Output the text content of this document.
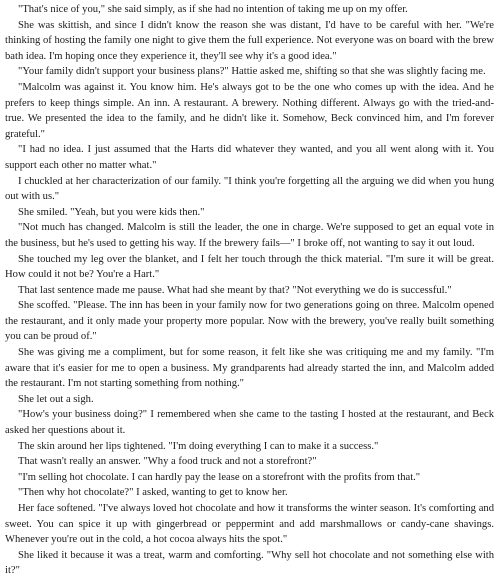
"That's nice of you," she said simply, as if she had no intention of taking me up on my offer.

She was skittish, and since I didn't know the reason she was distant, I'd have to be careful with her. "We're thinking of hosting the family one night to give them the full experience. Not everyone was on board with the brew bath idea. I'm hoping once they experience it, they'll see why it's a good idea."

"Your family didn't support your business plans?" Hattie asked me, shifting so that she was slightly facing me.

"Malcolm was against it. You know him. He's always got to be the one who comes up with the idea. And he prefers to keep things simple. An inn. A restaurant. A brewery. Nothing different. Always go with the tried-and-true. We presented the idea to the family, and he didn't like it. Somehow, Beck convinced him, and I'm forever grateful."

"I had no idea. I just assumed that the Harts did whatever they wanted, and you all went along with it. You support each other no matter what."

I chuckled at her characterization of our family. "I think you're forgetting all the arguing we did when you hung out with us."

She smiled. "Yeah, but you were kids then."

"Not much has changed. Malcolm is still the leader, the one in charge. We're supposed to get an equal vote in the business, but he's used to getting his way. If the brewery fails—" I broke off, not wanting to say it out loud.

She touched my leg over the blanket, and I felt her touch through the thick material. "I'm sure it will be great. How could it not be? You're a Hart."

That last sentence made me pause. What had she meant by that? "Not everything we do is successful."

She scoffed. "Please. The inn has been in your family now for two generations going on three. Malcolm opened the restaurant, and it only made your property more popular. Now with the brewery, you've really built something you can be proud of."

She was giving me a compliment, but for some reason, it felt like she was critiquing me and my family. "I'm aware that it's easier for me to open a business. My grandparents had already started the inn, and Malcolm added the restaurant. I'm not starting something from nothing."

She let out a sigh.

"How's your business doing?" I remembered when she came to the tasting I hosted at the restaurant, and Beck asked her questions about it.

The skin around her lips tightened. "I'm doing everything I can to make it a success."

That wasn't really an answer. "Why a food truck and not a storefront?"

"I'm selling hot chocolate. I can hardly pay the lease on a storefront with the profits from that."

"Then why hot chocolate?" I asked, wanting to get to know her.

Her face softened. "I've always loved hot chocolate and how it transforms the winter season. It's comforting and sweet. You can spice it up with gingerbread or peppermint and add marshmallows or candy-cane shavings. Whenever you're out in the cold, a hot cocoa always hits the spot."

She liked it because it was a treat, warm and comforting. "Why sell hot chocolate and not something else with it?"
